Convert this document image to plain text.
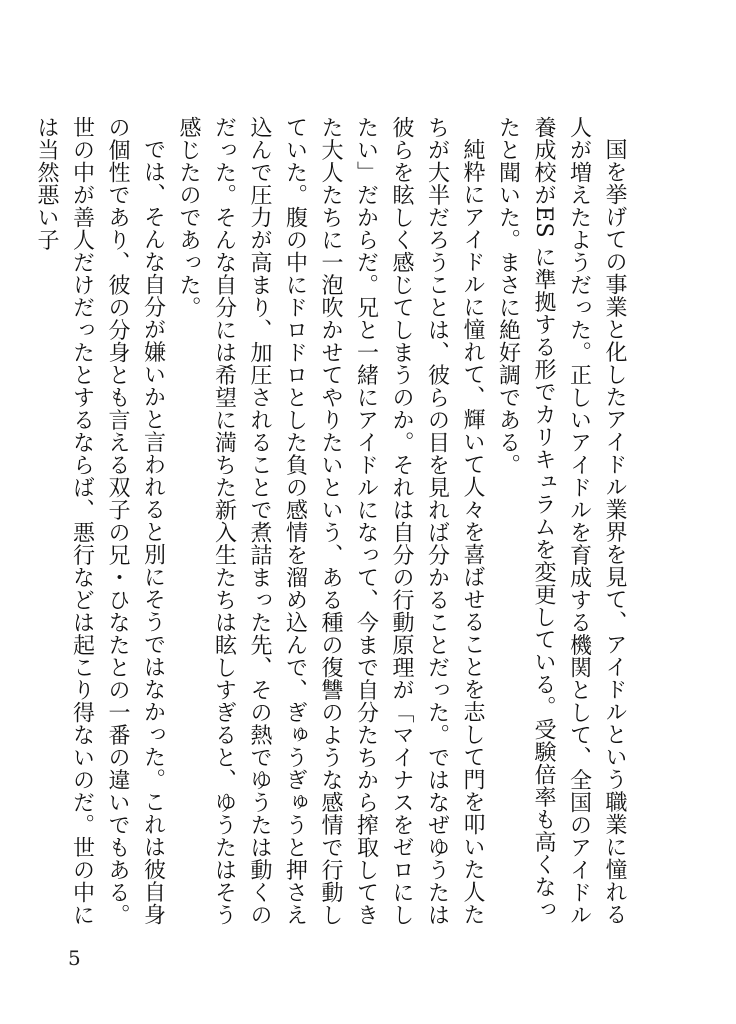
国を挙げての事業と化したアイドル業界を見て、アイドルという職業に憧れる人が増えたようだった。正しいアイドルを育成する機関として、全国のアイドル養成校がES に準拠する形でカリキュラムを変更している。受験倍率も高くなったと聞いた。まさに絶好調である。

純粋にアイドルに憧れて、輝いて人々を喜ばせることを志して門を叩いた人たちが大半だろうことは、彼らの目を見れば分かることだった。ではなぜゆうたは彼らを眩しく感じてしまうのか。それは自分の行動原理が「マイナスをゼロにしたい」だからだ。兄と一緒にアイドルになって、今まで自分たちから搾取してきた大人たちに一泡吹かせてやりたいという、ある種の復讐のような感情で行動していた。腹の中にドロドロとした負の感情を溜め込んで、ぎゅうぎゅうと押さえ込んで圧力が高まり、加圧されることで煮詰まった先、その熱でゆうたは動くのだった。そんな自分には希望に満ちた新入生たちは眩しすぎると、ゆうたはそう感じたのであった。

では、そんな自分が嫌いかと言われると別にそうではなかった。これは彼自身の個性であり、彼の分身とも言える双子の兄・ひなたとの一番の違いでもある。世の中が善人だけだったとするならば、悪行などは起こり得ないのだ。世の中には当然悪い子

5
